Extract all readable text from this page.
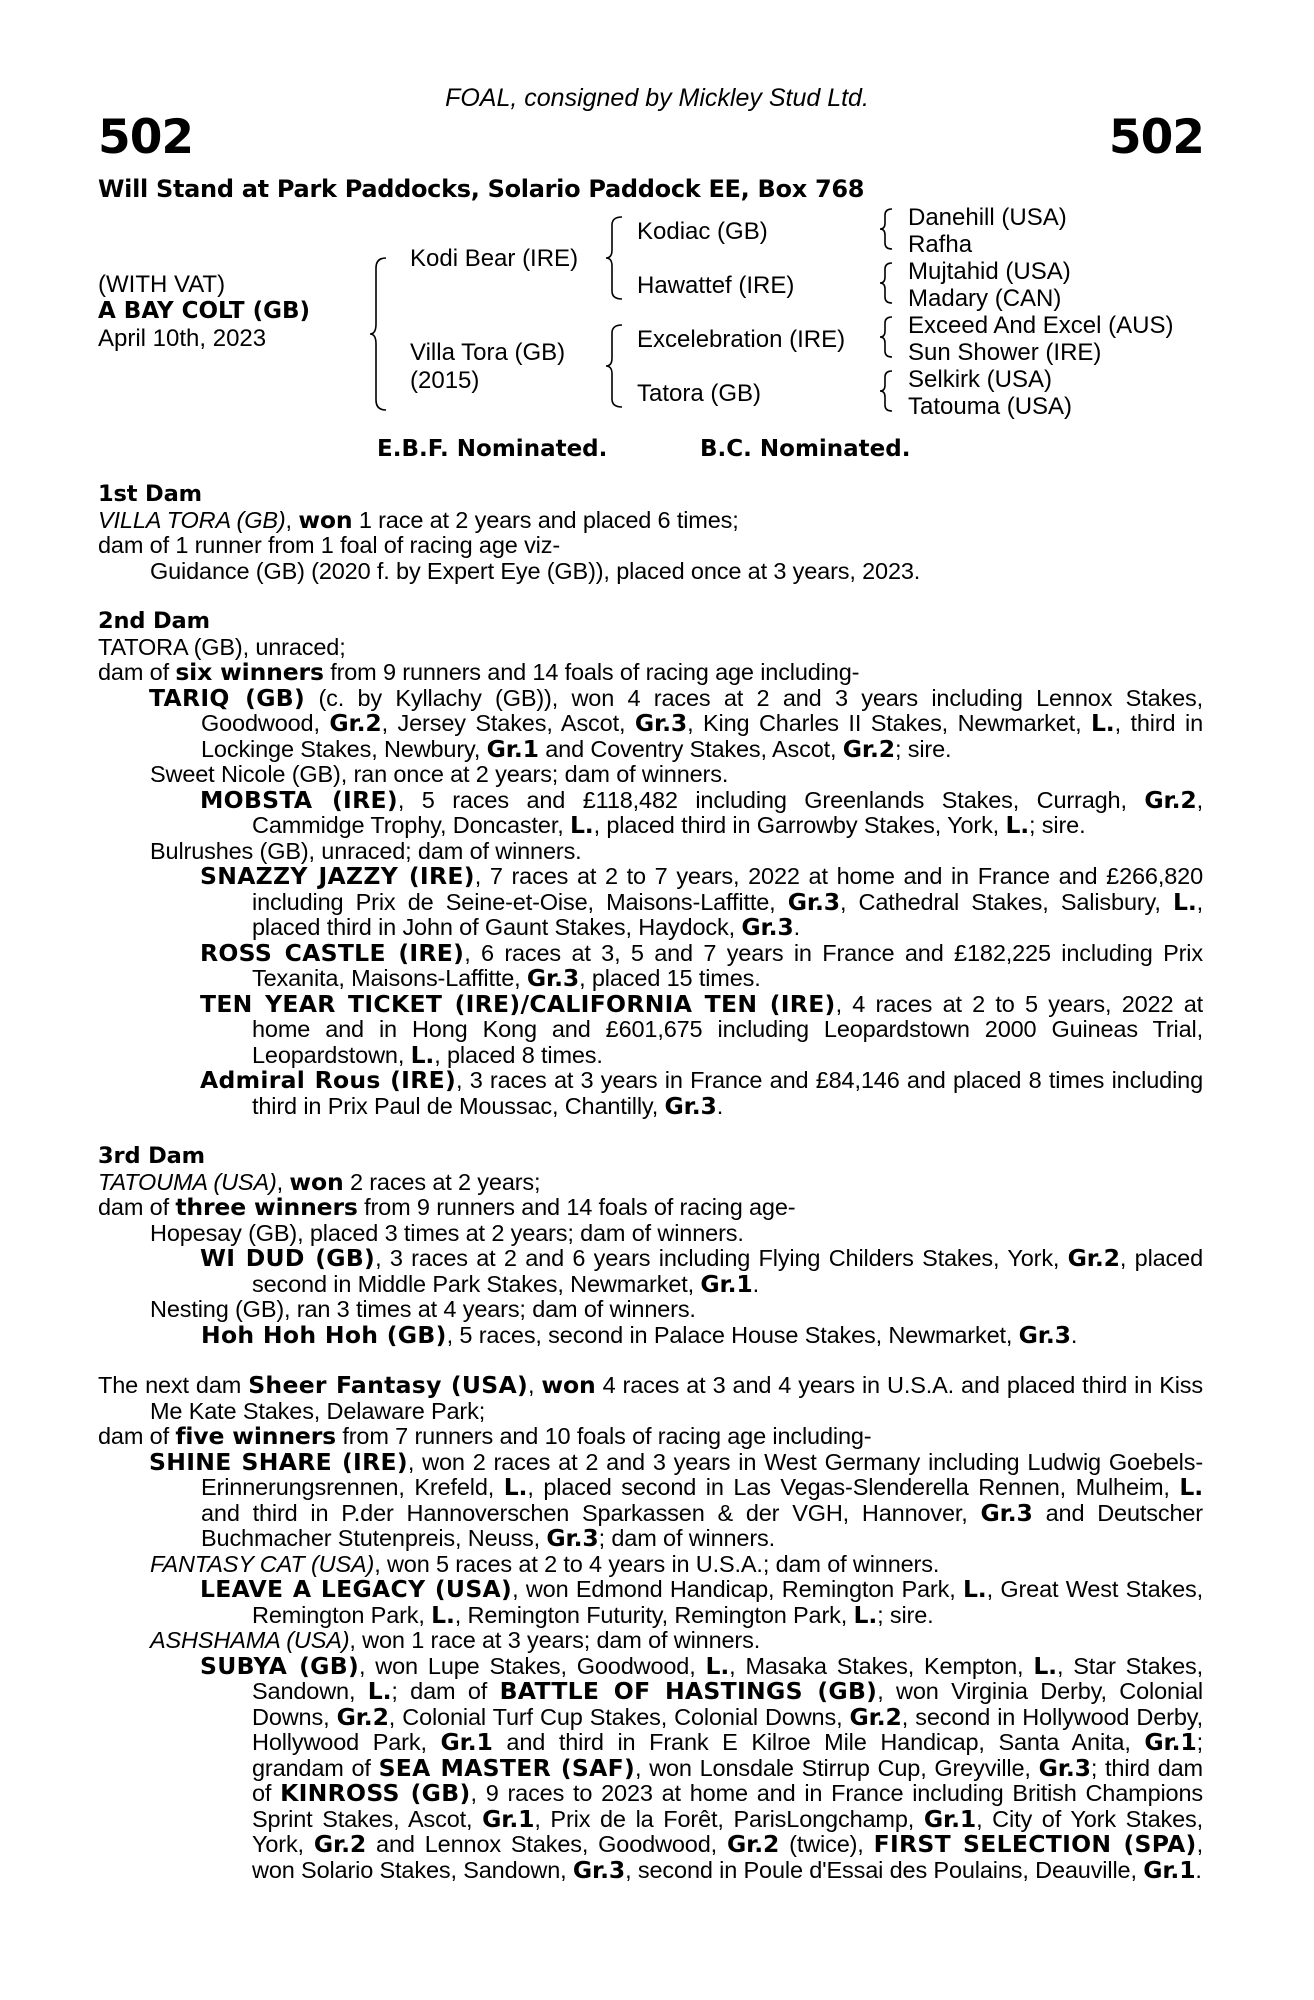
FOAL, consigned by Mickley Stud Ltd.
502	502
Will Stand at Park Paddocks, Solario Paddock EE, Box 768
(WITH VAT)
A BAY COLT (GB)
April 10th, 2023
Kodi Bear (IRE)
Villa Tora (GB)
(2015)
Kodiac (GB)
Hawattef (IRE)
Excelebration (IRE)
Tatora (GB)
Danehill (USA)
Rafha
Mujtahid (USA)
Madary (CAN)
Exceed And Excel (AUS)
Sun Shower (IRE)
Selkirk (USA)
Tatouma (USA)
E.B.F. Nominated.	B.C. Nominated.
1st Dam
VILLA TORA (GB), won 1 race at 2 years and placed 6 times;
dam of 1 runner from 1 foal of racing age viz-
Guidance (GB) (2020 f. by Expert Eye (GB)), placed once at 3 years, 2023.
2nd Dam
TATORA (GB), unraced;
dam of six winners from 9 runners and 14 foals of racing age including-
TARIQ (GB) (c. by Kyllachy (GB)), won 4 races at 2 and 3 years including Lennox Stakes, Goodwood, Gr.2, Jersey Stakes, Ascot, Gr.3, King Charles II Stakes, Newmarket, L., third in Lockinge Stakes, Newbury, Gr.1 and Coventry Stakes, Ascot, Gr.2; sire.
Sweet Nicole (GB), ran once at 2 years; dam of winners.
MOBSTA (IRE), 5 races and £118,482 including Greenlands Stakes, Curragh, Gr.2, Cammidge Trophy, Doncaster, L., placed third in Garrowby Stakes, York, L.; sire.
Bulrushes (GB), unraced; dam of winners.
SNAZZY JAZZY (IRE), 7 races at 2 to 7 years, 2022 at home and in France and £266,820 including Prix de Seine-et-Oise, Maisons-Laffitte, Gr.3, Cathedral Stakes, Salisbury, L., placed third in John of Gaunt Stakes, Haydock, Gr.3.
ROSS CASTLE (IRE), 6 races at 3, 5 and 7 years in France and £182,225 including Prix Texanita, Maisons-Laffitte, Gr.3, placed 15 times.
TEN YEAR TICKET (IRE)/CALIFORNIA TEN (IRE), 4 races at 2 to 5 years, 2022 at home and in Hong Kong and £601,675 including Leopardstown 2000 Guineas Trial, Leopardstown, L., placed 8 times.
Admiral Rous (IRE), 3 races at 3 years in France and £84,146 and placed 8 times including third in Prix Paul de Moussac, Chantilly, Gr.3.
3rd Dam
TATOUMA (USA), won 2 races at 2 years;
dam of three winners from 9 runners and 14 foals of racing age-
Hopesay (GB), placed 3 times at 2 years; dam of winners.
WI DUD (GB), 3 races at 2 and 6 years including Flying Childers Stakes, York, Gr.2, placed second in Middle Park Stakes, Newmarket, Gr.1.
Nesting (GB), ran 3 times at 4 years; dam of winners.
Hoh Hoh Hoh (GB), 5 races, second in Palace House Stakes, Newmarket, Gr.3.
The next dam Sheer Fantasy (USA), won 4 races at 3 and 4 years in U.S.A. and placed third in Kiss Me Kate Stakes, Delaware Park;
dam of five winners from 7 runners and 10 foals of racing age including-
SHINE SHARE (IRE), won 2 races at 2 and 3 years in West Germany including Ludwig Goebels-Erinnerungsrennen, Krefeld, L., placed second in Las Vegas-Slenderella Rennen, Mulheim, L. and third in P.der Hannoverschen Sparkassen & der VGH, Hannover, Gr.3 and Deutscher Buchmacher Stutenpreis, Neuss, Gr.3; dam of winners.
FANTASY CAT (USA), won 5 races at 2 to 4 years in U.S.A.; dam of winners.
LEAVE A LEGACY (USA), won Edmond Handicap, Remington Park, L., Great West Stakes, Remington Park, L., Remington Futurity, Remington Park, L.; sire.
ASHSHAMA (USA), won 1 race at 3 years; dam of winners.
SUBYA (GB), won Lupe Stakes, Goodwood, L., Masaka Stakes, Kempton, L., Star Stakes, Sandown, L.; dam of BATTLE OF HASTINGS (GB), won Virginia Derby, Colonial Downs, Gr.2, Colonial Turf Cup Stakes, Colonial Downs, Gr.2, second in Hollywood Derby, Hollywood Park, Gr.1 and third in Frank E Kilroe Mile Handicap, Santa Anita, Gr.1; grandam of SEA MASTER (SAF), won Lonsdale Stirrup Cup, Greyville, Gr.3; third dam of KINROSS (GB), 9 races to 2023 at home and in France including British Champions Sprint Stakes, Ascot, Gr.1, Prix de la Forêt, ParisLongchamp, Gr.1, City of York Stakes, York, Gr.2 and Lennox Stakes, Goodwood, Gr.2 (twice), FIRST SELECTION (SPA), won Solario Stakes, Sandown, Gr.3, second in Poule d'Essai des Poulains, Deauville, Gr.1.
